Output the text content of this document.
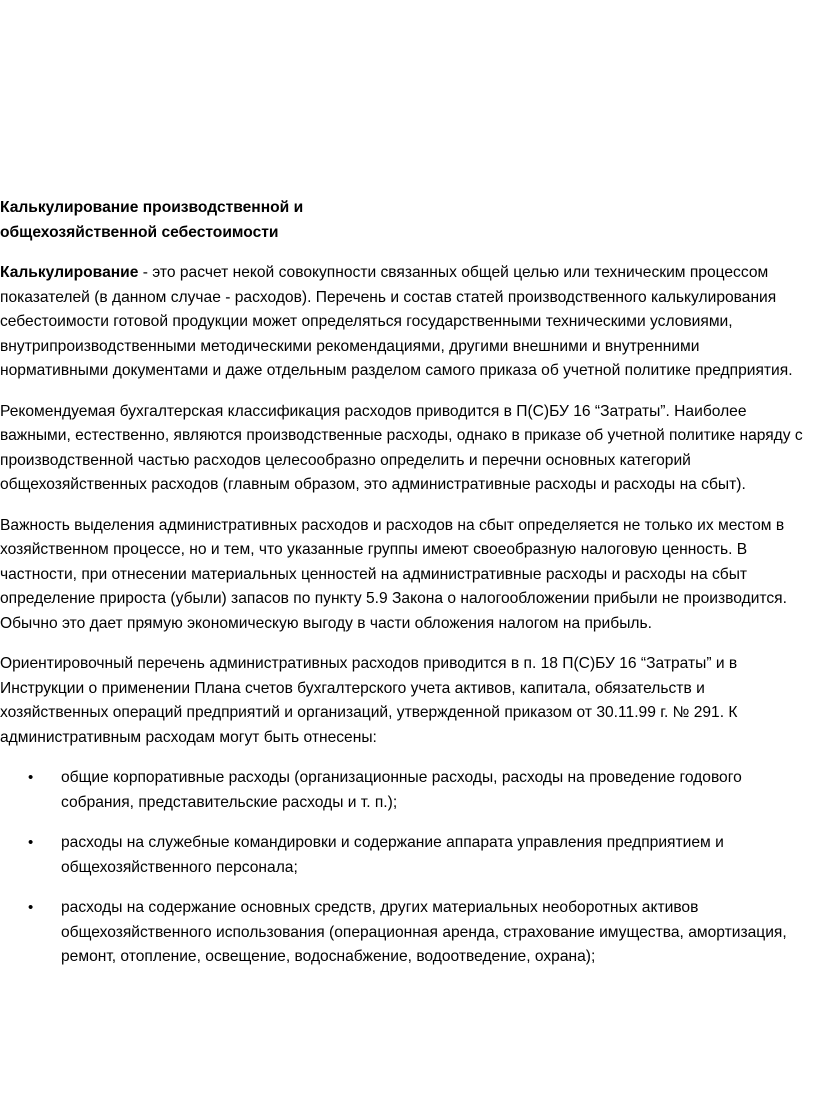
Калькулирование производственной и
общехозяйственной себестоимости

Калькулирование - это расчет некой совокупности связанных общей целью или техническим процессом показателей (в данном случае - расходов). Перечень и состав статей производственного калькулирования себестоимости готовой продукции может определяться государственными техническими условиями, внутрипроизводственными методическими рекомендациями, другими внешними и внутренними нормативными документами и даже отдельным разделом самого приказа об учетной политике предприятия.

Рекомендуемая бухгалтерская классификация расходов приводится в П(С)БУ 16 “Затраты”. Наиболее важными, естественно, являются производственные расходы, однако в приказе об учетной политике наряду с производственной частью расходов целесообразно определить и перечни основных категорий общехозяйственных расходов (главным образом, это административные расходы и расходы на сбыт).

Важность выделения административных расходов и расходов на сбыт определяется не только их местом в хозяйственном процессе, но и тем, что указанные группы имеют своеобразную налоговую ценность. В частности, при отнесении материальных ценностей на административные расходы и расходы на сбыт определение прироста (убыли) запасов по пункту 5.9 Закона о налогообложении прибыли не производится. Обычно это дает прямую экономическую выгоду в части обложения налогом на прибыль.

Ориентировочный перечень административных расходов приводится в п. 18 П(С)БУ 16 “Затраты” и в Инструкции о применении Плана счетов бухгалтерского учета активов, капитала, обязательств и хозяйственных операций предприятий и организаций, утвержденной приказом от 30.11.99 г. № 291. К административным расходам могут быть отнесены:

• общие корпоративные расходы (организационные расходы, расходы на проведение годового собрания, представительские расходы и т. п.);
• расходы на служебные командировки и содержание аппарата управления предприятием и общехозяйственного персонала;
• расходы на содержание основных средств, других материальных необоротных активов общехозяйственного использования (операционная аренда, страхование имущества, амортизация, ремонт, отопление, освещение, водоснабжение, водоотведение, охрана);
